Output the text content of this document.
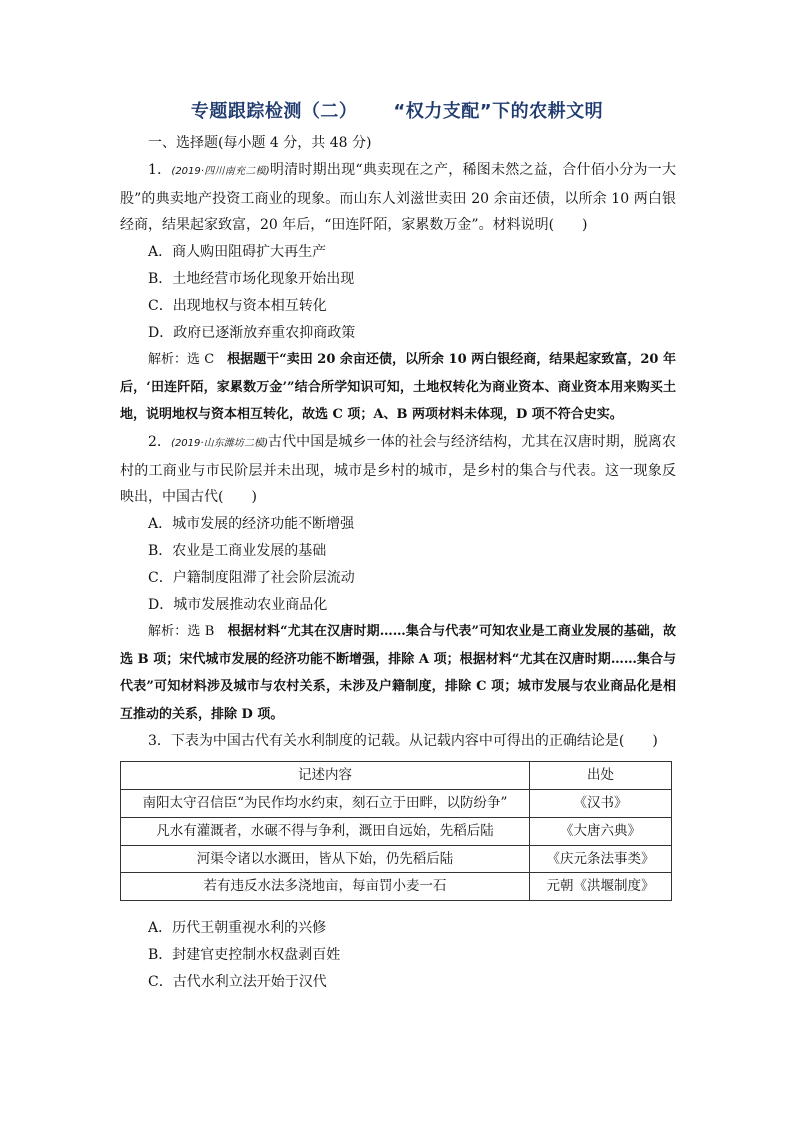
专题跟踪检测（二） “权力支配”下的农耕文明

一、选择题(每小题 4 分，共 48 分)

1．(2019·四川南充二模)明清时期出现“典卖现在之产，稀图未然之益，合什佰小分为一大股”的典卖地产投资工商业的现象。而山东人刘滋世卖田 20 余亩还债，以所余 10 两白银经商，结果起家致富，20 年后，“田连阡陌，家累数万金”。材料说明(　　)

A．商人购田阻碍扩大再生产

B．土地经营市场化现象开始出现

C．出现地权与资本相互转化

D．政府已逐渐放弃重农抑商政策

解析：选 C　根据题干“卖田 20 余亩还债，以所余 10 两白银经商，结果起家致富，20 年后，‘田连阡陌，家累数万金’”结合所学知识可知，土地权转化为商业资本、商业资本用来购买土地，说明地权与资本相互转化，故选 C 项；A、B 两项材料未体现，D 项不符合史实。

2．(2019·山东潍坊二模)古代中国是城乡一体的社会与经济结构，尤其在汉唐时期，脱离农村的工商业与市民阶层并未出现，城市是乡村的城市，是乡村的集合与代表。这一现象反映出，中国古代(　　)

A．城市发展的经济功能不断增强

B．农业是工商业发展的基础

C．户籍制度阻滞了社会阶层流动

D．城市发展推动农业商品化

解析：选 B　根据材料“尤其在汉唐时期……集合与代表”可知农业是工商业发展的基础，故选 B 项；宋代城市发展的经济功能不断增强，排除 A 项；根据材料“尤其在汉唐时期……集合与代表”可知材料涉及城市与农村关系，未涉及户籍制度，排除 C 项；城市发展与农业商品化是相互推动的关系，排除 D 项。

3．下表为中国古代有关水利制度的记载。从记载内容中可得出的正确结论是(　　)

记述内容	出处
南阳太守召信臣“为民作均水约束，刻石立于田畔，以防纷争”	《汉书》
凡水有灌溉者，水碾不得与争利，溉田自远始，先稻后陆	《大唐六典》
河渠令诸以水溉田，皆从下始，仍先稻后陆	《庆元条法事类》
若有违反水法多浇地亩，每亩罚小麦一石	元朝《洪堰制度》

A．历代王朝重视水利的兴修

B．封建官吏控制水权盘剥百姓

C．古代水利立法开始于汉代
